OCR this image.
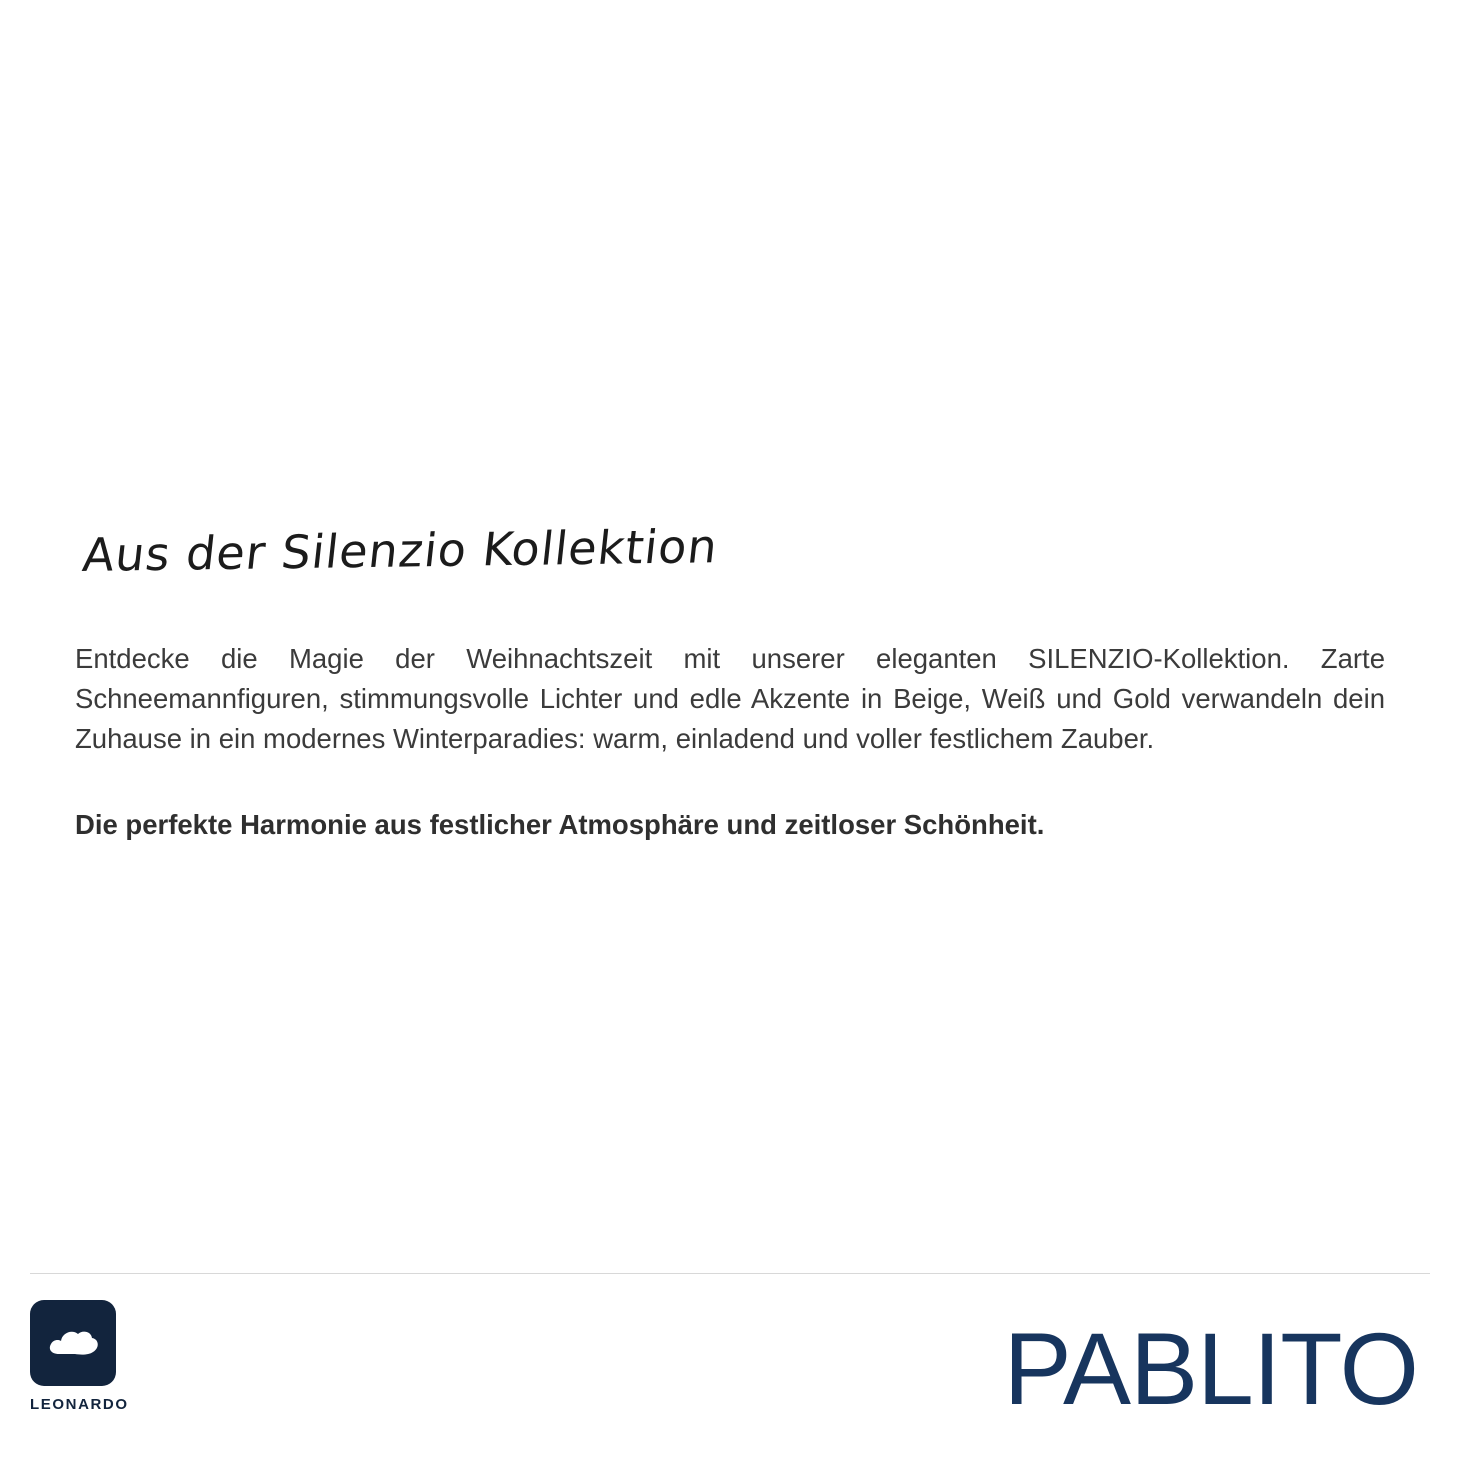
Aus der Silenzio Kollektion

Entdecke die Magie der Weihnachtszeit mit unserer eleganten SILENZIO-Kollektion. Zarte Schneemannfiguren, stimmungsvolle Lichter und edle Akzente in Beige, Weiß und Gold verwandeln dein Zuhause in ein modernes Winterparadies: warm, einladend und voller festlichem Zauber.

Die perfekte Harmonie aus festlicher Atmosphäre und zeitloser Schönheit.

LEONARDO	PABLITO
